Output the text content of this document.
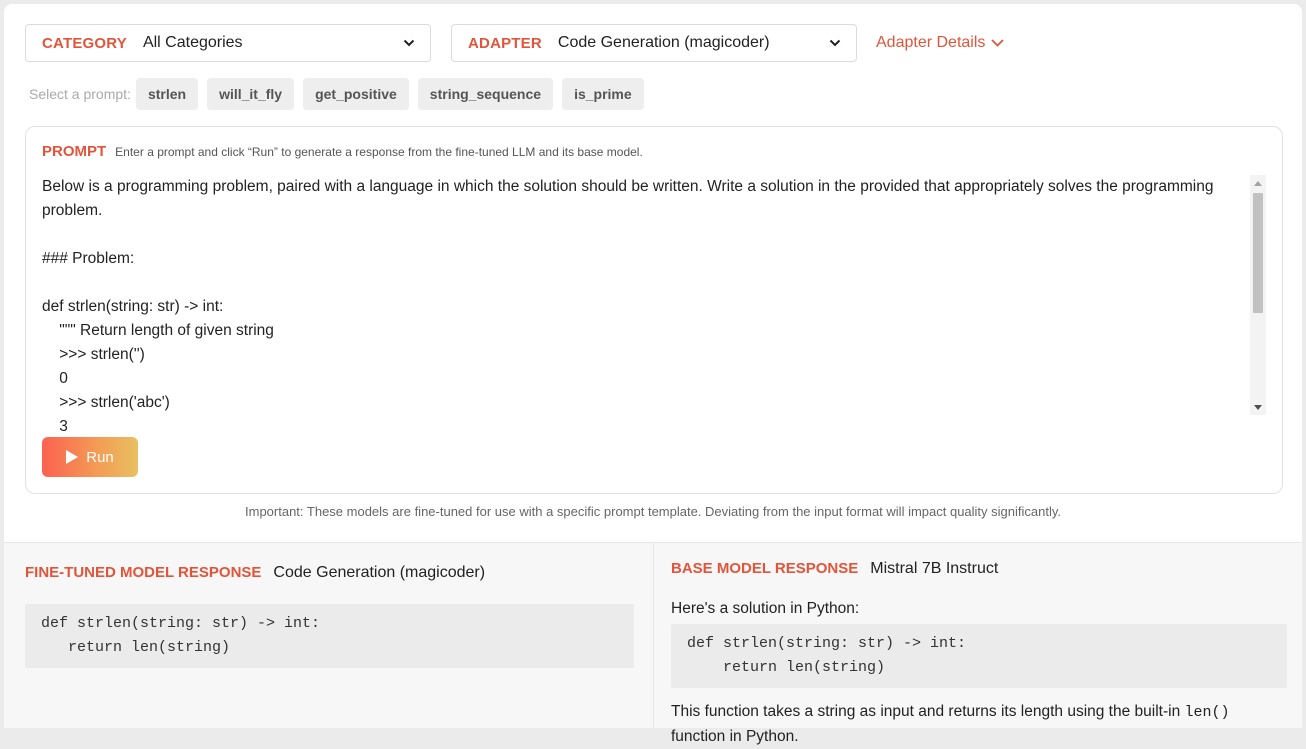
CATEGORY All Categories	ADAPTER Code Generation (magicoder)	Adapter Details
Select a prompt:	strlen	will_it_fly	get_positive	string_sequence	is_prime
PROMPT Enter a prompt and click “Run” to generate a response from the fine-tuned LLM and its base model.
Below is a programming problem, paired with a language in which the solution should be written. Write a solution in the provided that appropriately solves the programming problem.

### Problem:

def strlen(string: str) -> int:
""" Return length of given string
>>> strlen('')
0
>>> strlen('abc')
3

Run
Important: These models are fine-tuned for use with a specific prompt template. Deviating from the input format will impact quality significantly.
FINE-TUNED MODEL RESPONSE Code Generation (magicoder)
def strlen(string: str) -> int:
return len(string)
BASE MODEL RESPONSE Mistral 7B Instruct
Here's a solution in Python:
def strlen(string: str) -> int:
return len(string)
This function takes a string as input and returns its length using the built-in len() function in Python.
